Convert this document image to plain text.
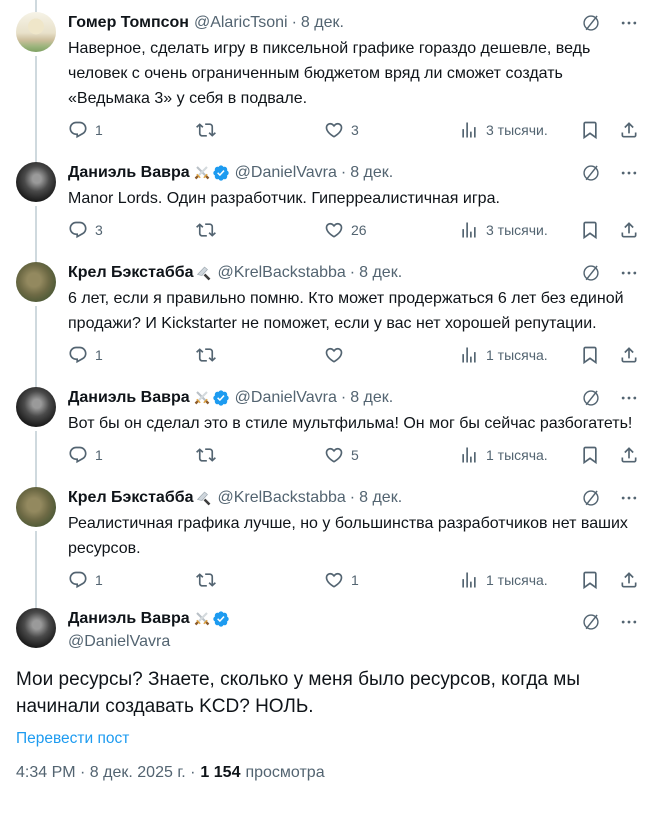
Гомер Томпсон @AlaricTsoni · 8 дек.
Наверное, сделать игру в пиксельной графике гораздо дешевле, ведь человек с очень ограниченным бюджетом вряд ли сможет создать «Ведьмака 3» у себя в подвале.
1	3	3 тысячи.
Даниэль Вавра	@DanielVavra · 8 дек.
Manor Lords. Один разработчик. Гиперреалистичная игра.
3	26	3 тысячи.
Крел Бэкстабба @KrelBackstabba · 8 дек.
6 лет, если я правильно помню. Кто может продержаться 6 лет без единой продажи? И Kickstarter не поможет, если у вас нет хорошей репутации.
1	1 тысяча.
Даниэль Вавра	@DanielVavra · 8 дек.
Вот бы он сделал это в стиле мультфильма! Он мог бы сейчас разбогатеть!
1	5	1 тысяча.
Крел Бэкстабба @KrelBackstabba · 8 дек.
Реалистичная графика лучше, но у большинства разработчиков нет ваших ресурсов.
1	1	1 тысяча.
Даниэль Вавра
@DanielVavra
Мои ресурсы? Знаете, сколько у меня было ресурсов, когда мы начинали создавать KCD? НОЛЬ.
Перевести пост
4:34 PM · 8 дек. 2025 г. · 1 154 просмотра
